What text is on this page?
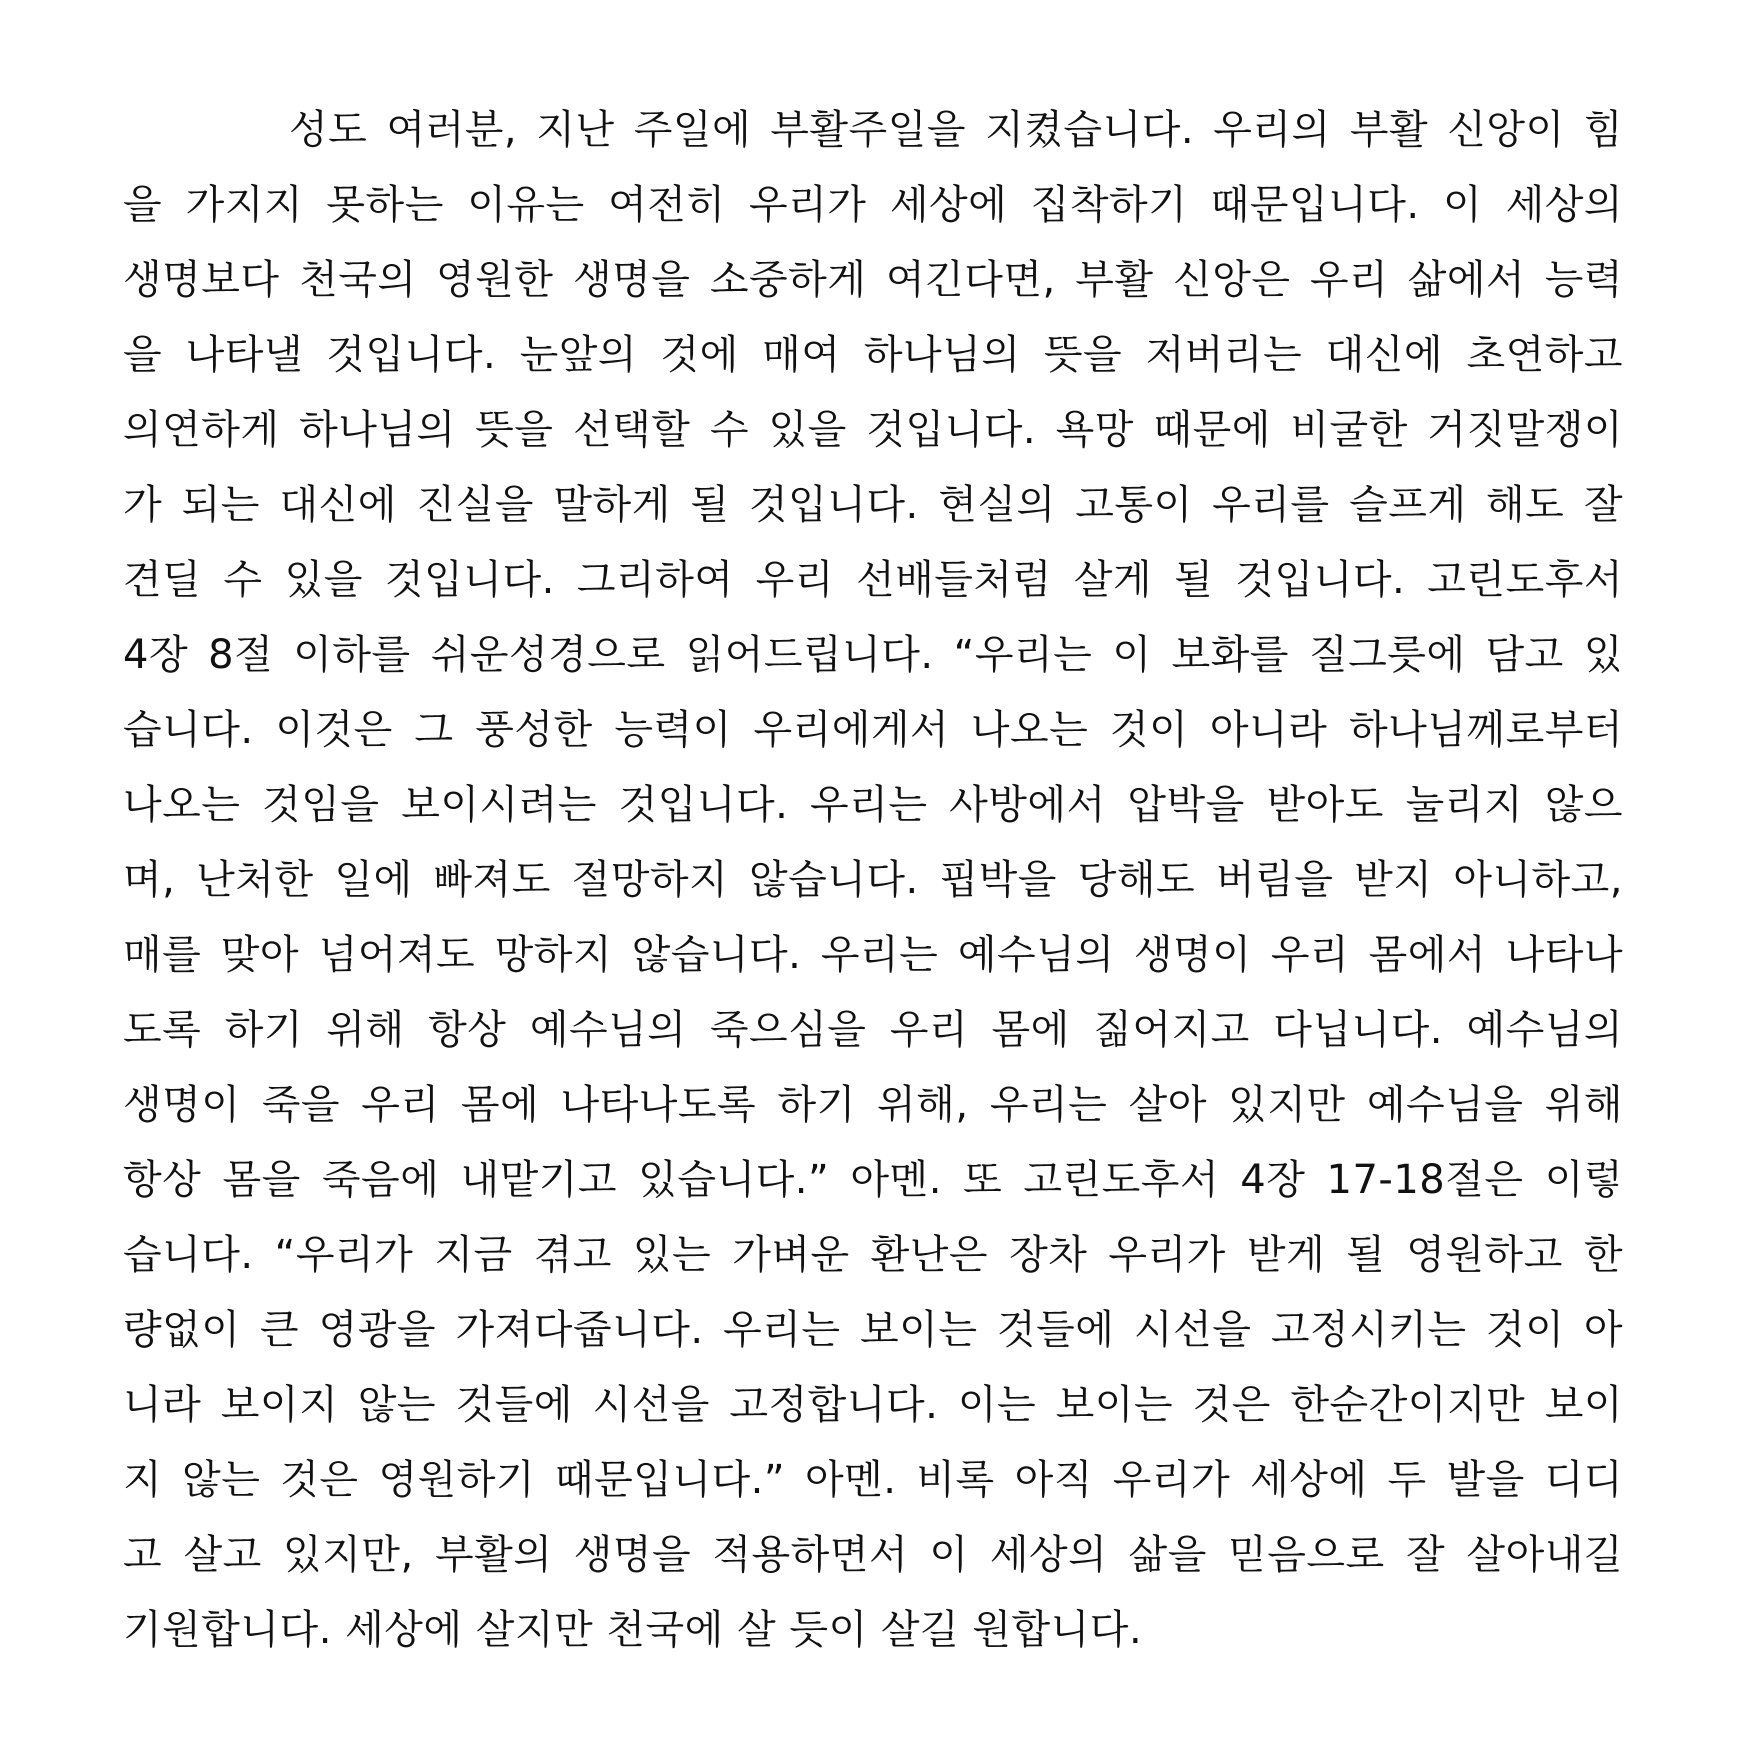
성도 여러분, 지난 주일에 부활주일을 지켰습니다. 우리의 부활 신앙이 힘
을 가지지 못하는 이유는 여전히 우리가 세상에 집착하기 때문입니다. 이 세상의
생명보다 천국의 영원한 생명을 소중하게 여긴다면, 부활 신앙은 우리 삶에서 능력
을 나타낼 것입니다. 눈앞의 것에 매여 하나님의 뜻을 저버리는 대신에 초연하고
의연하게 하나님의 뜻을 선택할 수 있을 것입니다. 욕망 때문에 비굴한 거짓말쟁이
가 되는 대신에 진실을 말하게 될 것입니다. 현실의 고통이 우리를 슬프게 해도 잘
견딜 수 있을 것입니다. 그리하여 우리 선배들처럼 살게 될 것입니다. 고린도후서
4장 8절 이하를 쉬운성경으로 읽어드립니다. “우리는 이 보화를 질그릇에 담고 있
습니다. 이것은 그 풍성한 능력이 우리에게서 나오는 것이 아니라 하나님께로부터
나오는 것임을 보이시려는 것입니다. 우리는 사방에서 압박을 받아도 눌리지 않으
며, 난처한 일에 빠져도 절망하지 않습니다. 핍박을 당해도 버림을 받지 아니하고,
매를 맞아 넘어져도 망하지 않습니다. 우리는 예수님의 생명이 우리 몸에서 나타나
도록 하기 위해 항상 예수님의 죽으심을 우리 몸에 짊어지고 다닙니다. 예수님의
생명이 죽을 우리 몸에 나타나도록 하기 위해, 우리는 살아 있지만 예수님을 위해
항상 몸을 죽음에 내맡기고 있습니다.” 아멘. 또 고린도후서 4장 17-18절은 이렇
습니다. “우리가 지금 겪고 있는 가벼운 환난은 장차 우리가 받게 될 영원하고 한
량없이 큰 영광을 가져다줍니다. 우리는 보이는 것들에 시선을 고정시키는 것이 아
니라 보이지 않는 것들에 시선을 고정합니다. 이는 보이는 것은 한순간이지만 보이
지 않는 것은 영원하기 때문입니다.” 아멘. 비록 아직 우리가 세상에 두 발을 디디
고 살고 있지만, 부활의 생명을 적용하면서 이 세상의 삶을 믿음으로 잘 살아내길
기원합니다. 세상에 살지만 천국에 살 듯이 살길 원합니다.
